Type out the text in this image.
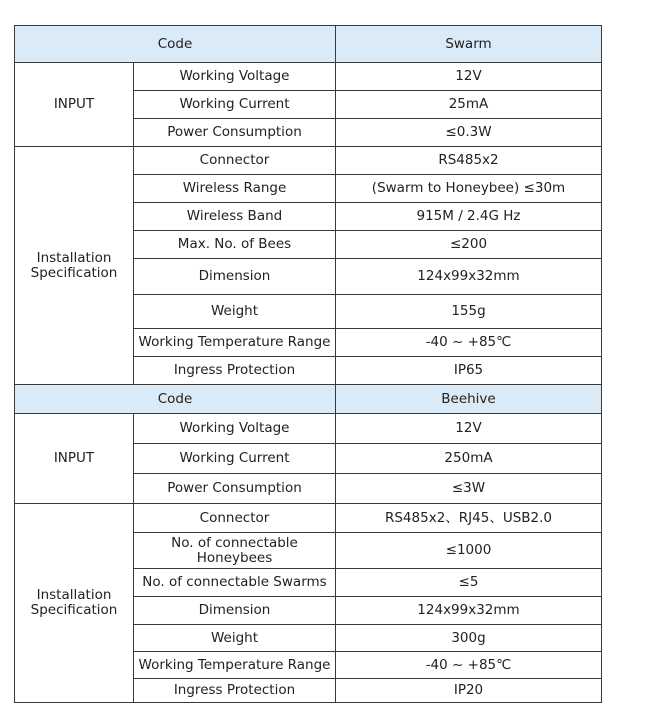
Code		Swarm
INPUT	Working Voltage	12V
	Working Current	25mA
	Power Consumption	≤0.3W
Installation Specification	Connector	RS485x2
	Wireless Range	(Swarm to Honeybee) ≤30m
	Wireless Band	915M / 2.4G Hz
	Max. No. of Bees	≤200
	Dimension	124x99x32mm
	Weight	155g
	Working Temperature Range	-40 ~ +85℃
	Ingress Protection	IP65
Code		Beehive
INPUT	Working Voltage	12V
	Working Current	250mA
	Power Consumption	≤3W
Installation Specification	Connector	RS485x2、RJ45、USB2.0
	No. of connectable Honeybees	≤1000
	No. of connectable Swarms	≤5
	Dimension	124x99x32mm
	Weight	300g
	Working Temperature Range	-40 ~ +85℃
	Ingress Protection	IP20
